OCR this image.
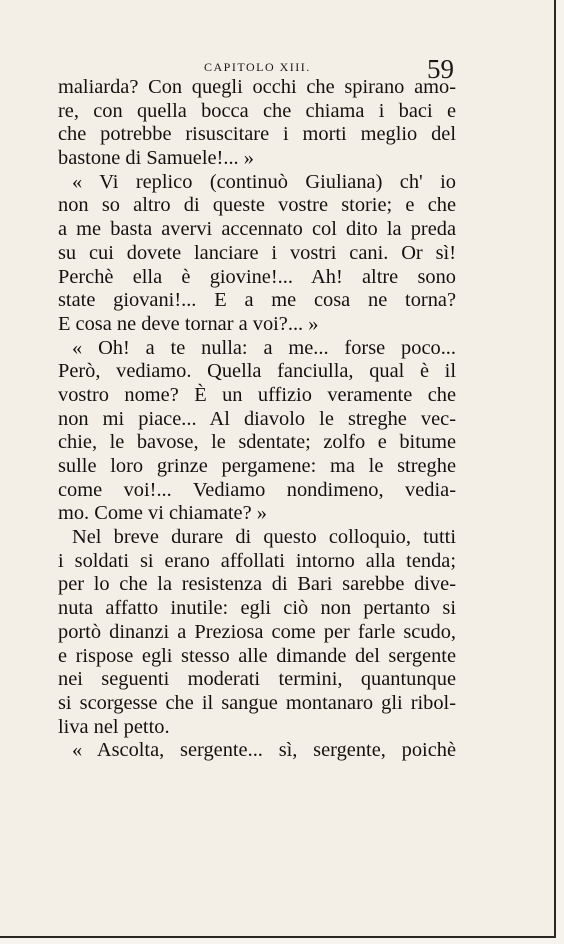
CAPITOLO XIII.	59
maliarda? Con quegli occhi che spirano amo-
re, con quella bocca che chiama i baci e
che potrebbe risuscitare i morti meglio del
bastone di Samuele!... »
« Vi replico (continuò Giuliana) ch' io
non so altro di queste vostre storie; e che
a me basta avervi accennato col dito la preda
su cui dovete lanciare i vostri cani. Or sì!
Perchè ella è giovine!... Ah! altre sono
state giovani!... E a me cosa ne torna?
E cosa ne deve tornar a voi?... »
« Oh! a te nulla: a me... forse poco...
Però, vediamo. Quella fanciulla, qual è il
vostro nome? È un uffizio veramente che
non mi piace... Al diavolo le streghe vec-
chie, le bavose, le sdentate; zolfo e bitume
sulle loro grinze pergamene: ma le streghe
come voi!... Vediamo nondimeno, vedia-
mo. Come vi chiamate? »
Nel breve durare di questo colloquio, tutti
i soldati si erano affollati intorno alla tenda;
per lo che la resistenza di Bari sarebbe dive-
nuta affatto inutile: egli ciò non pertanto si
portò dinanzi a Preziosa come per farle scudo,
e rispose egli stesso alle dimande del sergente
nei seguenti moderati termini, quantunque
si scorgesse che il sangue montanaro gli ribol-
liva nel petto.
« Ascolta, sergente... sì, sergente, poichè
